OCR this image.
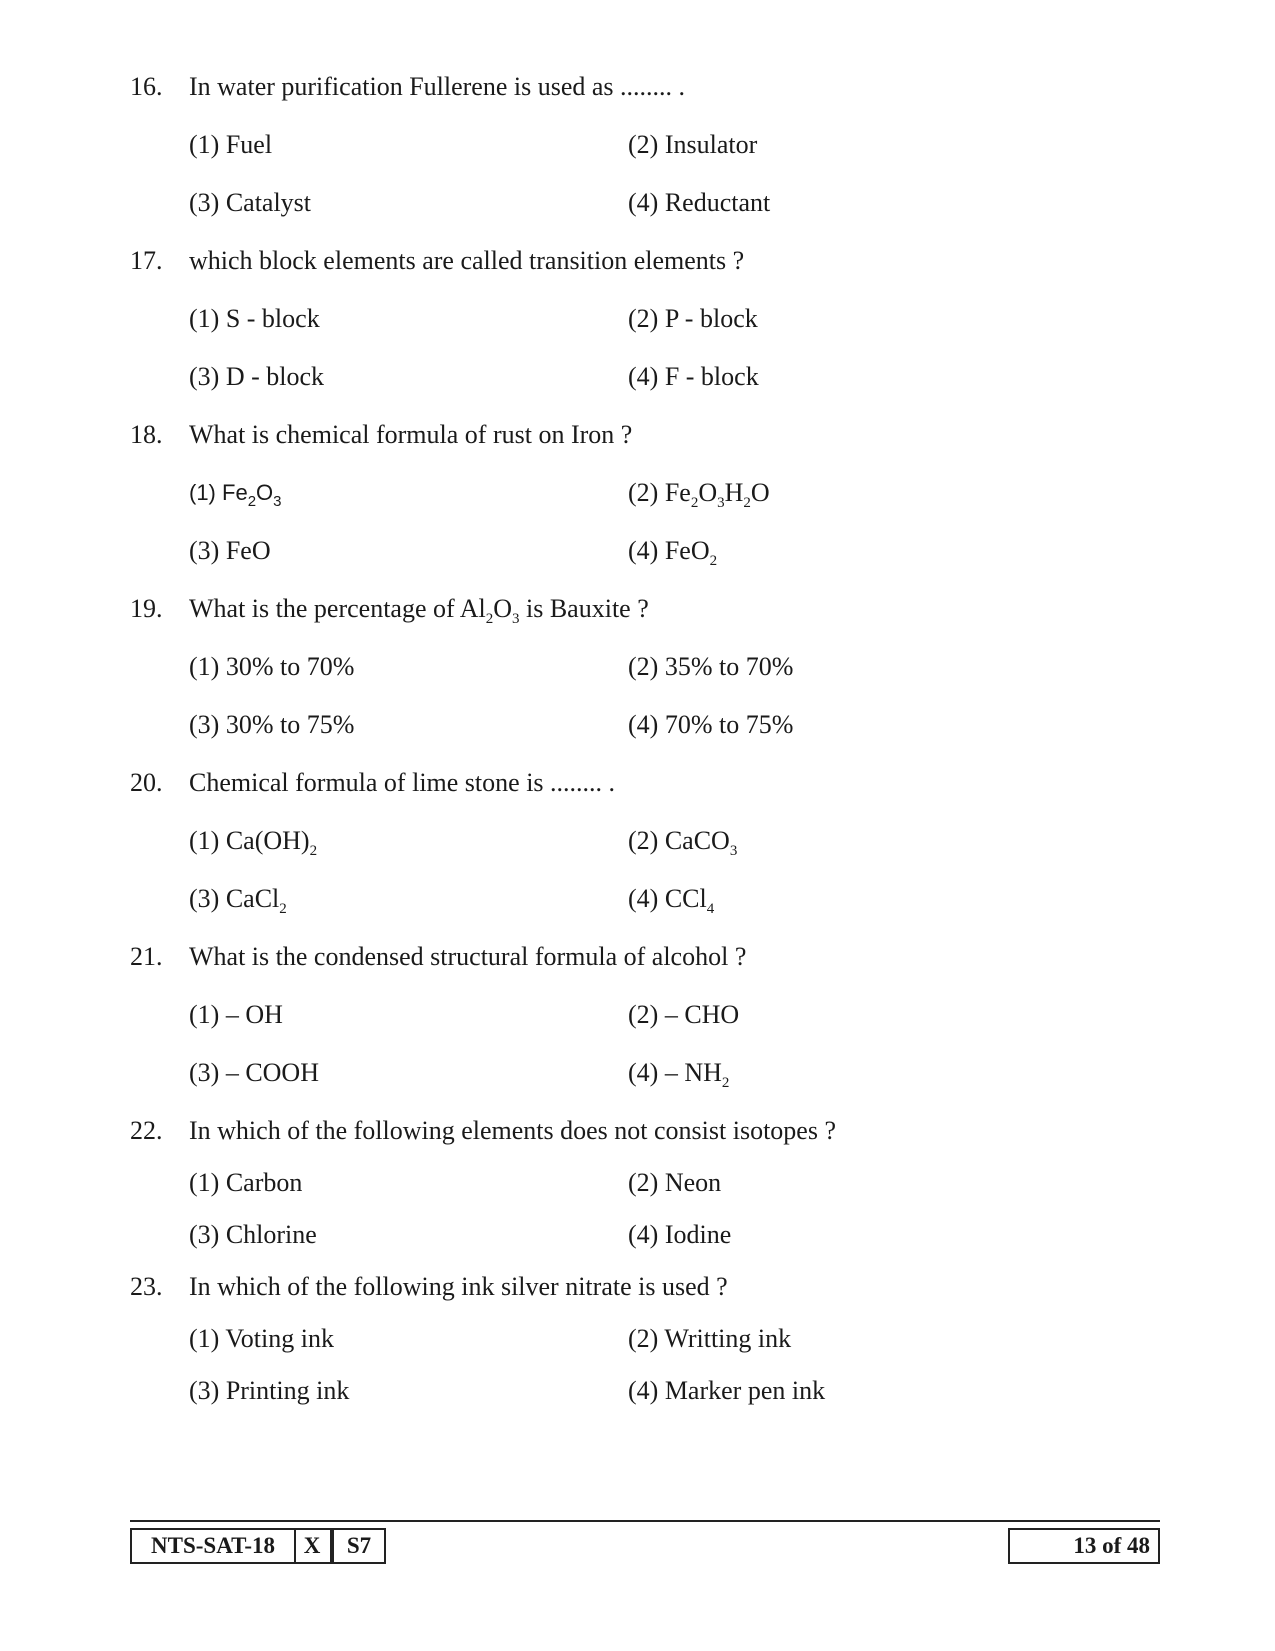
16. In water purification Fullerene is used as ........ .
(1) Fuel	(2) Insulator
(3) Catalyst	(4) Reductant
17. which block elements are called transition elements ?
(1) S - block	(2) P - block
(3) D - block	(4) F - block
18. What is chemical formula of rust on Iron ?
(1) $Fe_2O_3$	(2) $Fe_2O_3H_2O$
(3) FeO	(4) FeO$_2$
19. What is the percentage of $Al_2O_3$ is Bauxite ?
(1) 30% to 70%	(2) 35% to 70%
(3) 30% to 75%	(4) 70% to 75%
20. Chemical formula of lime stone is ........ .
(1) $Ca(OH)_2$	(2) CaCO$_3$
(3) CaCl$_2$	(4) CCl$_4$
21. What is the condensed structural formula of alcohol ?
(1) – OH	(2) – CHO
(3) – COOH	$(4) - NH_2$
22. In which of the following elements does not consist isotopes ?
(1) Carbon	(2) Neon
(3) Chlorine	(4) Iodine
23. In which of the following ink silver nitrate is used ?
(1) Voting ink	(2) Writting ink
(3) Printing ink	(4) Marker pen ink
NTS-SAT-18	X	S7	13 of 48
